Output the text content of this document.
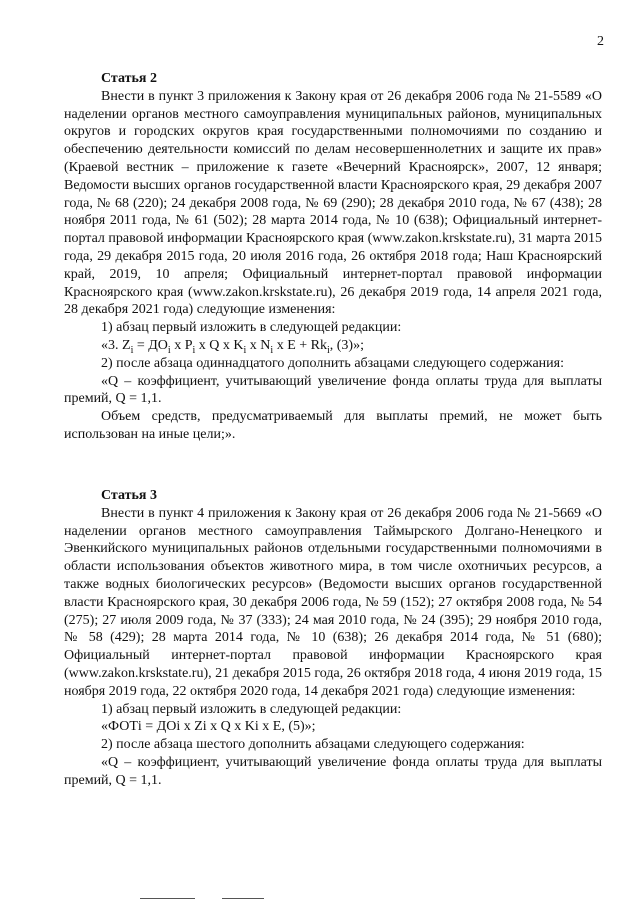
2
Статья 2

Внести в пункт 3 приложения к Закону края от 26 декабря 2006 года № 21-5589 «О наделении органов местного самоуправления муниципальных районов, муниципальных округов и городских округов края государственными полномочиями по созданию и обеспечению деятельности комиссий по делам несовершеннолетних и защите их прав» (Краевой вестник – приложение к газете «Вечерний Красноярск», 2007, 12 января; Ведомости высших органов государственной власти Красноярского края, 29 декабря 2007 года, № 68 (220); 24 декабря 2008 года, № 69 (290); 28 декабря 2010 года, № 67 (438); 28 ноября 2011 года, № 61 (502); 28 марта 2014 года, № 10 (638); Официальный интернет-портал правовой информации Красноярского края (www.zakon.krskstate.ru), 31 марта 2015 года, 29 декабря 2015 года, 20 июля 2016 года, 26 октября 2018 года; Наш Красноярский край, 2019, 10 апреля; Официальный интернет-портал правовой информации Красноярского края (www.zakon.krskstate.ru), 26 декабря 2019 года, 14 апреля 2021 года, 28 декабря 2021 года) следующие изменения:

1) абзац первый изложить в следующей редакции:

«3. $Z_i = ДО_i$ x $P_i$ x Q x $K_i$ x $N_i$ x $E + Rk_i$, (3)»;

2) после абзаца одиннадцатого дополнить абзацами следующего содержания:

«Q – коэффициент, учитывающий увеличение фонда оплаты труда для выплаты премий, Q = 1,1.

Объем средств, предусматриваемый для выплаты премий, не может быть использован на иные цели;».

Статья 3

Внести в пункт 4 приложения к Закону края от 26 декабря 2006 года № 21-5669 «О наделении органов местного самоуправления Таймырского Долгано-Ненецкого и Эвенкийского муниципальных районов отдельными государственными полномочиями в области использования объектов животного мира, в том числе охотничьих ресурсов, а также водных биологических ресурсов» (Ведомости высших органов государственной власти Красноярского края, 30 декабря 2006 года, № 59 (152); 27 октября 2008 года, № 54 (275); 27 июля 2009 года, № 37 (333); 24 мая 2010 года, № 24 (395); 29 ноября 2010 года, № 58 (429); 28 марта 2014 года, № 10 (638); 26 декабря 2014 года, № 51 (680); Официальный интернет-портал правовой информации Красноярского края (www.zakon.krskstate.ru), 21 декабря 2015 года, 26 октября 2018 года, 4 июня 2019 года, 15 ноября 2019 года, 22 октября 2020 года, 14 декабря 2021 года) следующие изменения:

1) абзац первый изложить в следующей редакции:

«ФОТi = ДОi x Zi x Q x Ki x E, (5)»;

2) после абзаца шестого дополнить абзацами следующего содержания:

«Q – коэффициент, учитывающий увеличение фонда оплаты труда для выплаты премий, Q = 1,1.
